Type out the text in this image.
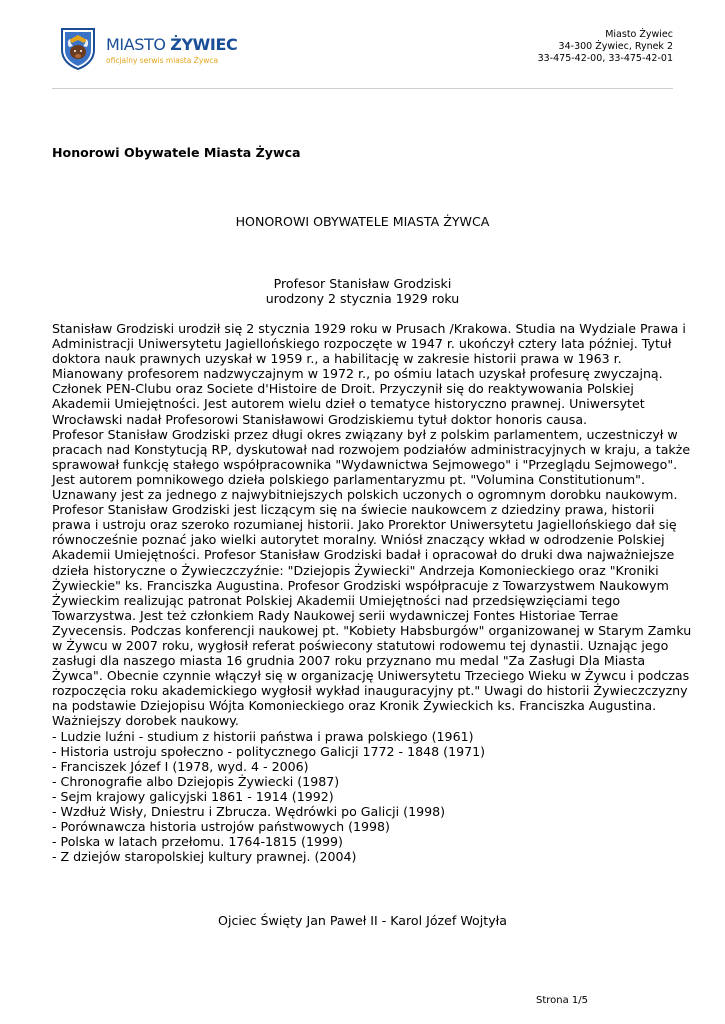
MIASTO ŻYWIEC
oficjalny serwis miasta Żywca
Miasto Żywiec
34-300 Żywiec, Rynek 2
33-475-42-00, 33-475-42-01
Honorowi Obywatele Miasta Żywca
HONOROWI OBYWATELE MIASTA ŻYWCA
Profesor Stanisław Grodziski
urodzony 2 stycznia 1929 roku

Stanisław Grodziski urodził się 2 stycznia 1929 roku w Prusach /Krakowa. Studia na Wydziale Prawa i

Administracji Uniwersytetu Jagiellońskiego rozpoczęte w 1947 r. ukończył cztery lata później. Tytuł

doktora nauk prawnych uzyskał w 1959 r., a habilitację w zakresie historii prawa w 1963 r.

Mianowany profesorem nadzwyczajnym w 1972 r., po ośmiu latach uzyskał profesurę zwyczajną.

Członek PEN-Clubu oraz Societe d'Histoire de Droit. Przyczynił się do reaktywowania Polskiej

Akademii Umiejętności. Jest autorem wielu dzieł o tematyce historyczno prawnej. Uniwersytet

Wrocławski nadał Profesorowi Stanisławowi Grodziskiemu tytuł doktor honoris causa.

Profesor Stanisław Grodziski przez długi okres związany był z polskim parlamentem, uczestniczył w

pracach nad Konstytucją RP, dyskutował nad rozwojem podziałów administracyjnych w kraju, a także

sprawował funkcję stałego współpracownika "Wydawnictwa Sejmowego" i "Przeglądu Sejmowego".

Jest autorem pomnikowego dzieła polskiego parlamentaryzmu pt. "Volumina Constitutionum".

Uznawany jest za jednego z najwybitniejszych polskich uczonych o ogromnym dorobku naukowym.

Profesor Stanisław Grodziski jest liczącym się na świecie naukowcem z dziedziny prawa, historii

prawa i ustroju oraz szeroko rozumianej historii. Jako Prorektor Uniwersytetu Jagiellońskiego dał się

równocześnie poznać jako wielki autorytet moralny. Wniósł znaczący wkład w odrodzenie Polskiej

Akademii Umiejętności. Profesor Stanisław Grodziski badał i opracował do druki dwa najważniejsze

dzieła historyczne o Żywieczczyźnie: "Dziejopis Żywiecki" Andrzeja Komonieckiego oraz "Kroniki

Żywieckie" ks. Franciszka Augustina. Profesor Grodziski współpracuje z Towarzystwem Naukowym

Żywieckim realizując patronat Polskiej Akademii Umiejętności nad przedsięwzięciami tego

Towarzystwa. Jest też członkiem Rady Naukowej serii wydawniczej Fontes Historiae Terrae

Zyvecensis. Podczas konferencji naukowej pt. "Kobiety Habsburgów" organizowanej w Starym Zamku

w Żywcu w 2007 roku, wygłosił referat poświecony statutowi rodowemu tej dynastii. Uznając jego

zasługi dla naszego miasta 16 grudnia 2007 roku przyznano mu medal "Za Zasługi Dla Miasta

Żywca". Obecnie czynnie włączył się w organizację Uniwersytetu Trzeciego Wieku w Żywcu i podczas

rozpoczęcia roku akademickiego wygłosił wykład inauguracyjny pt." Uwagi do historii Żywieczczyzny

na podstawie Dziejopisu Wójta Komonieckiego oraz Kronik Żywieckich ks. Franciszka Augustina.

Ważniejszy dorobek naukowy.

- Ludzie luźni - studium z historii państwa i prawa polskiego (1961)
- Historia ustroju społeczno - politycznego Galicji 1772 - 1848 (1971)
- Franciszek Józef I (1978, wyd. 4 - 2006)
- Chronografie albo Dziejopis Żywiecki (1987)
- Sejm krajowy galicyjski 1861 - 1914 (1992)
- Wzdłuż Wisły, Dniestru i Zbrucza. Wędrówki po Galicji (1998)
- Porównawcza historia ustrojów państwowych (1998)
- Polska w latach przełomu. 1764-1815 (1999)
- Z dziejów staropolskiej kultury prawnej. (2004)
Ojciec Święty Jan Paweł II - Karol Józef Wojtyła
Strona 1/5
